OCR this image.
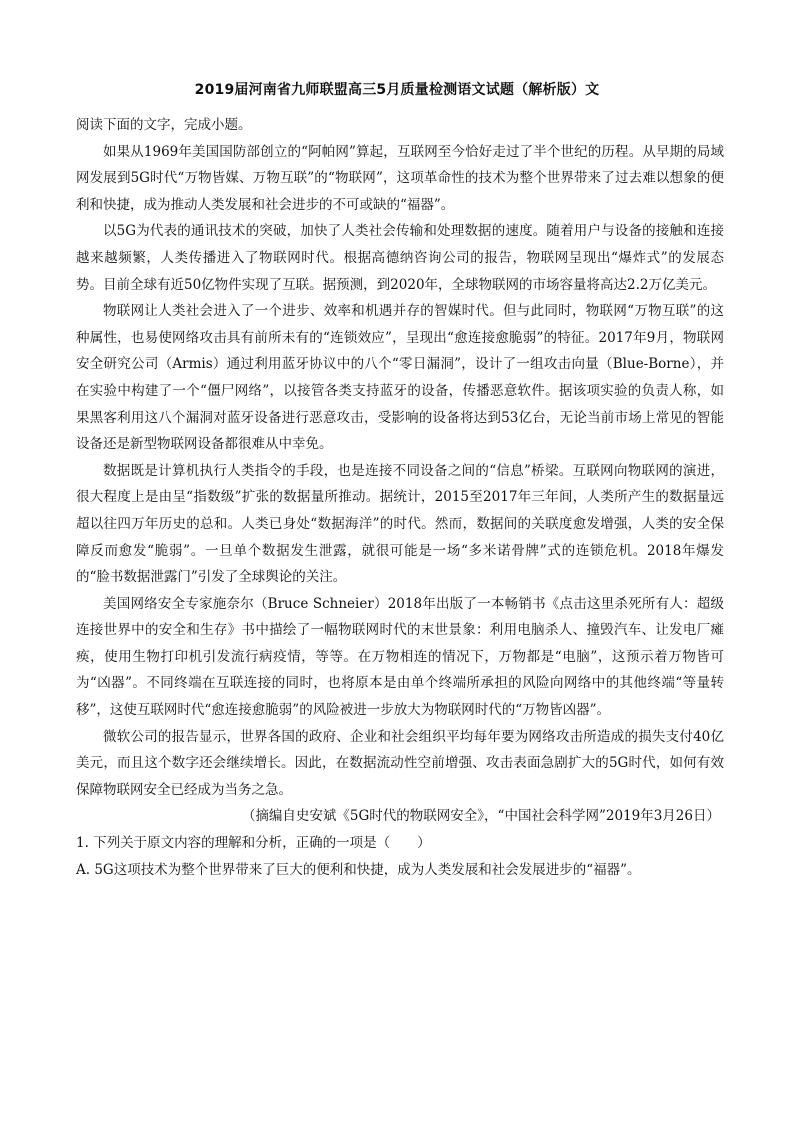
2019届河南省九师联盟高三5月质量检测语文试题（解析版）文

阅读下面的文字，完成小题。

如果从1969年美国国防部创立的“阿帕网”算起，互联网至今恰好走过了半个世纪的历程。从早期的局域网发展到5G时代“万物皆媒、万物互联”的“物联网”，这项革命性的技术为整个世界带来了过去难以想象的便利和快捷，成为推动人类发展和社会进步的不可或缺的“福器”。

以5G为代表的通讯技术的突破，加快了人类社会传输和处理数据的速度。随着用户与设备的接触和连接越来越频繁，人类传播进入了物联网时代。根据高德纳咨询公司的报告，物联网呈现出“爆炸式”的发展态势。目前全球有近50亿物件实现了互联。据预测，到2020年，全球物联网的市场容量将高达2.2万亿美元。

物联网让人类社会进入了一个进步、效率和机遇并存的智媒时代。但与此同时，物联网“万物互联”的这种属性，也易使网络攻击具有前所未有的“连锁效应”，呈现出“愈连接愈脆弱”的特征。2017年9月，物联网安全研究公司（Armis）通过利用蓝牙协议中的八个“零日漏洞”，设计了一组攻击向量（Blue-Borne），并在实验中构建了一个“僵尸网络”，以接管各类支持蓝牙的设备，传播恶意软件。据该项实验的负责人称，如果黑客利用这八个漏洞对蓝牙设备进行恶意攻击，受影响的设备将达到53亿台，无论当前市场上常见的智能设备还是新型物联网设备都很难从中幸免。

数据既是计算机执行人类指令的手段，也是连接不同设备之间的“信息”桥梁。互联网向物联网的演进，很大程度上是由呈“指数级”扩张的数据量所推动。据统计，2015至2017年三年间，人类所产生的数据量远超以往四万年历史的总和。人类已身处“数据海洋”的时代。然而，数据间的关联度愈发增强，人类的安全保障反而愈发“脆弱”。一旦单个数据发生泄露，就很可能是一场“多米诺骨牌”式的连锁危机。2018年爆发的“脸书数据泄露门”引发了全球舆论的关注。

美国网络安全专家施奈尔（Bruce Schneier）2018年出版了一本畅销书《点击这里杀死所有人：超级连接世界中的安全和生存》书中描绘了一幅物联网时代的末世景象：利用电脑杀人、撞毁汽车、让发电厂瘫痪，使用生物打印机引发流行病疫情，等等。在万物相连的情况下，万物都是“电脑”，这预示着万物皆可为“凶器”。不同终端在互联连接的同时，也将原本是由单个终端所承担的风险向网络中的其他终端“等量转移”，这使互联网时代“愈连接愈脆弱”的风险被进一步放大为物联网时代的“万物皆凶器”。

微软公司的报告显示，世界各国的政府、企业和社会组织平均每年要为网络攻击所造成的损失支付40亿美元，而且这个数字还会继续增长。因此，在数据流动性空前增强、攻击表面急剧扩大的5G时代，如何有效保障物联网安全已经成为当务之急。

（摘编自史安斌《5G时代的物联网安全》，“中国社会科学网”2019年3月26日）

1. 下列关于原文内容的理解和分析，正确的一项是（　　）

A. 5G这项技术为整个世界带来了巨大的便利和快捷，成为人类发展和社会发展进步的“福器”。
